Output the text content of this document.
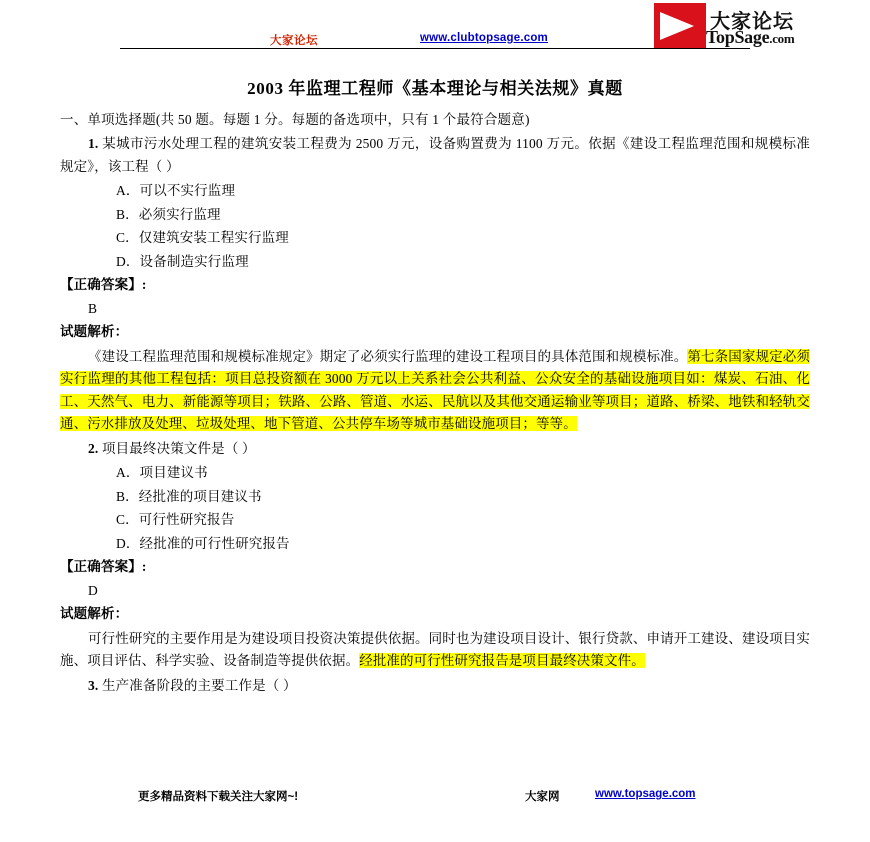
大家论坛	www.clubtopsage.com
大家论坛
TopSage.com
2003 年监理工程师《基本理论与相关法规》真题
一、单项选择题(共 50 题。每题 1 分。每题的备选项中，只有 1 个最符合题意)

1. 某城市污水处理工程的建筑安装工程费为 2500 万元，设备购置费为 1100 万元。依据《建设工程监理范围和规模标准规定》，该工程（ ）

A．可以不实行监理

B．必须实行监理

C．仅建筑安装工程实行监理

D．设备制造实行监理

【正确答案】:

B

试题解析：

《建设工程监理范围和规模标准规定》期定了必须实行监理的建设工程项目的具体范围和规模标准。第七条国家规定必须实行监理的其他工程包括：项目总投资额在 3000 万元以上关系社会公共利益、公众安全的基础设施项目如：煤炭、石油、化工、天然气、电力、新能源等项目；铁路、公路、管道、水运、民航以及其他交通运输业等项目；道路、桥梁、地铁和轻轨交通、污水排放及处理、垃圾处理、地下管道、公共停车场等城市基础设施项目；等等。

2. 项目最终决策文件是（ ）

A．项目建议书

B．经批准的项目建议书

C．可行性研究报告

D．经批准的可行性研究报告

【正确答案】:

D

试题解析：

可行性研究的主要作用是为建设项目投资决策提供依据。同时也为建设项目设计、银行贷款、申请开工建设、建设项目实施、项目评估、科学实验、设备制造等提供依据。经批准的可行性研究报告是项目最终决策文件。

3. 生产准备阶段的主要工作是（ ）

更多精品资料下载关注大家网~!	大家网	www.topsage.com
